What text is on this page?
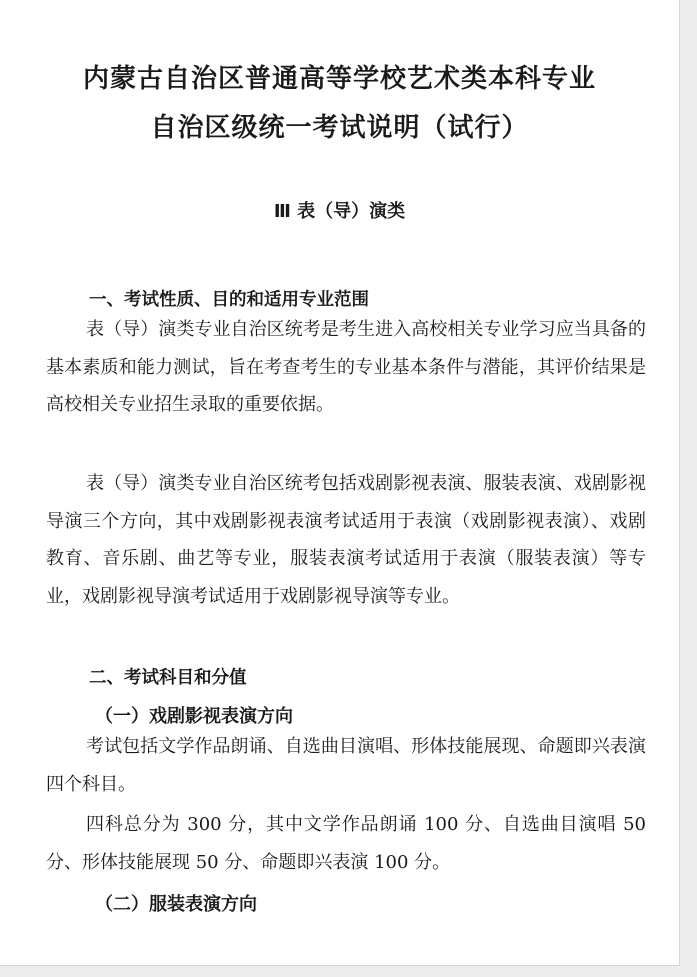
内蒙古自治区普通高等学校艺术类本科专业
自治区级统一考试说明（试行）
Ⅲ 表（导）演类
一、考试性质、目的和适用专业范围

表（导）演类专业自治区统考是考生进入高校相关专业学习应当具备的基本素质和能力测试，旨在考查考生的专业基本条件与潜能，其评价结果是高校相关专业招生录取的重要依据。

表（导）演类专业自治区统考包括戏剧影视表演、服装表演、戏剧影视导演三个方向，其中戏剧影视表演考试适用于表演（戏剧影视表演）、戏剧教育、音乐剧、曲艺等专业，服装表演考试适用于表演（服装表演）等专业，戏剧影视导演考试适用于戏剧影视导演等专业。

二、考试科目和分值
（一）戏剧影视表演方向

考试包括文学作品朗诵、自选曲目演唱、形体技能展现、命题即兴表演四个科目。

四科总分为 300 分，其中文学作品朗诵 100 分、自选曲目演唱 50 分、形体技能展现 50 分、命题即兴表演 100 分。

（二）服装表演方向
